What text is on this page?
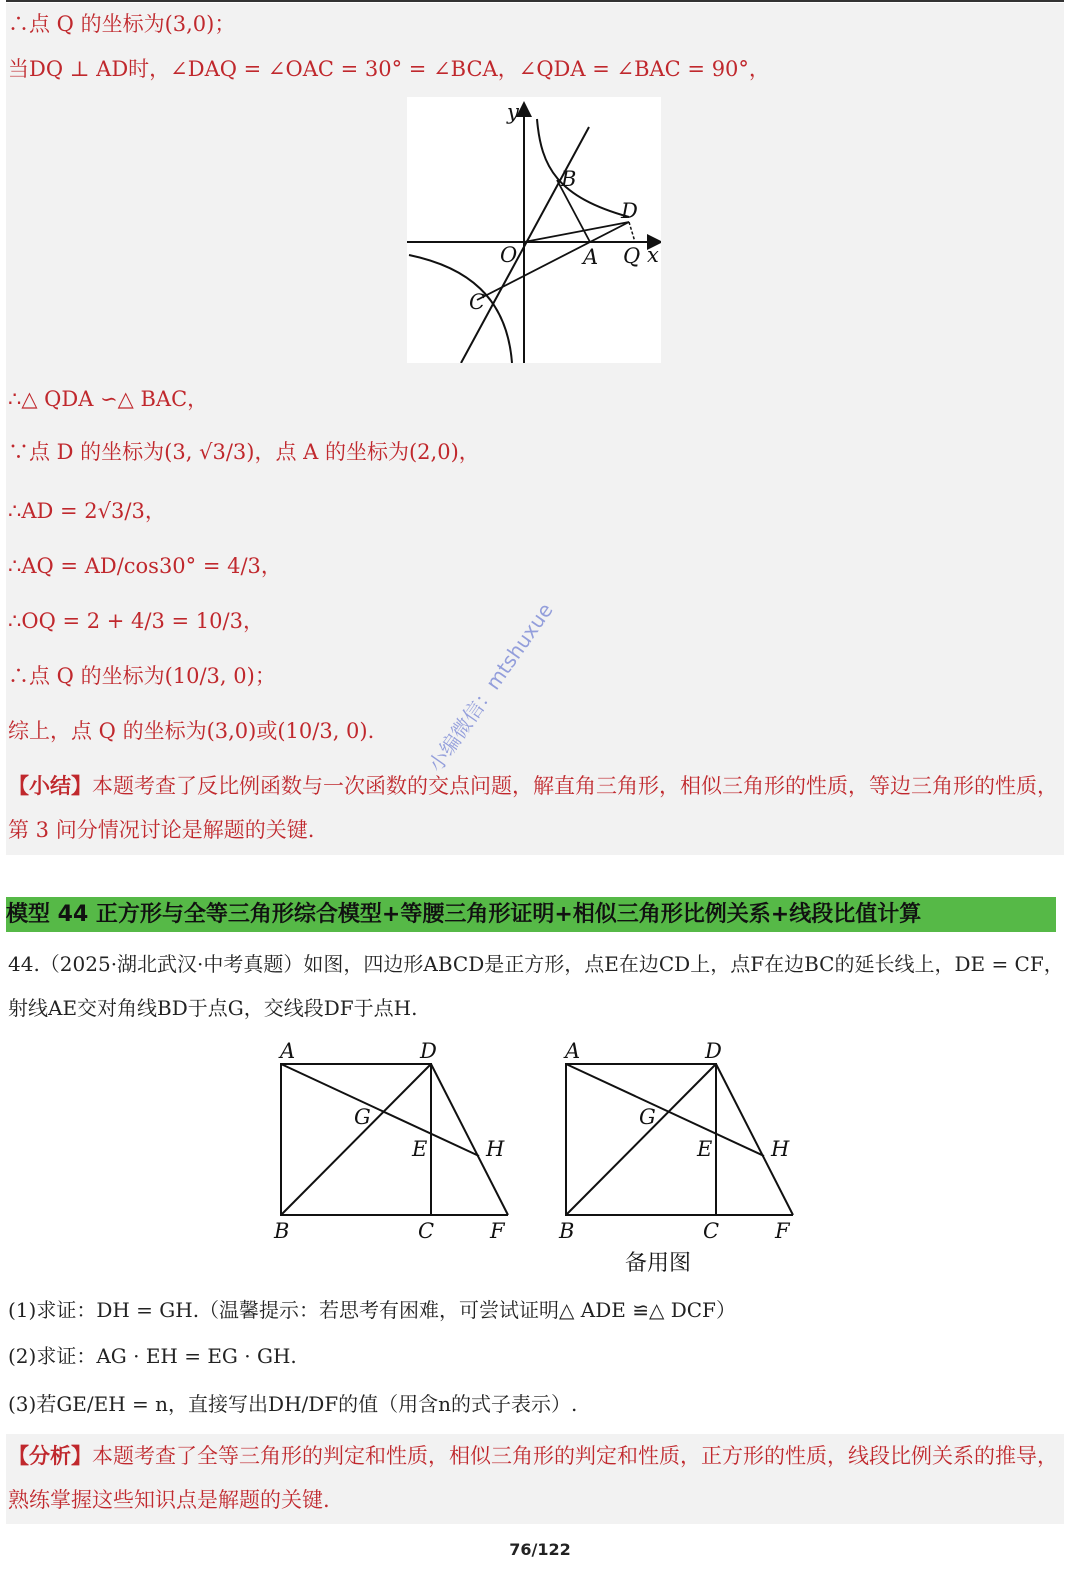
∴点 Q 的坐标为(3,0)；
当DQ ⊥ AD时，∠DAQ = ∠OAC = 30° = ∠BCA，∠QDA = ∠BAC = 90°，
y
x
O	A
B
C
D
Q
∴△ QDA ∽△ BAC，
∵点 D 的坐标为(3, √3/3)，点 A 的坐标为(2,0)，
∴AD = 2√3/3，
∴AQ = AD/cos30° = 4/3，
∴OQ = 2 + 4/3 = 10/3，
∴点 Q 的坐标为(10/3, 0)；
综上，点 Q 的坐标为(3,0)或(10/3, 0).
【小结】本题考查了反比例函数与一次函数的交点问题，解直角三角形，相似三角形的性质，等边三角形的性质，第 3 问分情况讨论是解题的关键.
小编微信：mtshuxue
模型 44 正方形与全等三角形综合模型+等腰三角形证明+相似三角形比例关系+线段比值计算
44.（2025·湖北武汉·中考真题）如图，四边形ABCD是正方形，点E在边CD上，点F在边BC的延长线上，DE = CF，射线AE交对角线BD于点G，交线段DF于点H.
A
B	C
D
E
F
G
H
A
B	C
D
E
F
G
H
备用图
(1)求证：DH = GH.（温馨提示：若思考有困难，可尝试证明△ ADE ≌△ DCF）
(2)求证：AG · EH = EG · GH.
(3)若GE/EH = n，直接写出DH/DF的值（用含n的式子表示）.
【分析】本题考查了全等三角形的判定和性质，相似三角形的判定和性质，正方形的性质，线段比例关系的推导，熟练掌握这些知识点是解题的关键.
76/122
